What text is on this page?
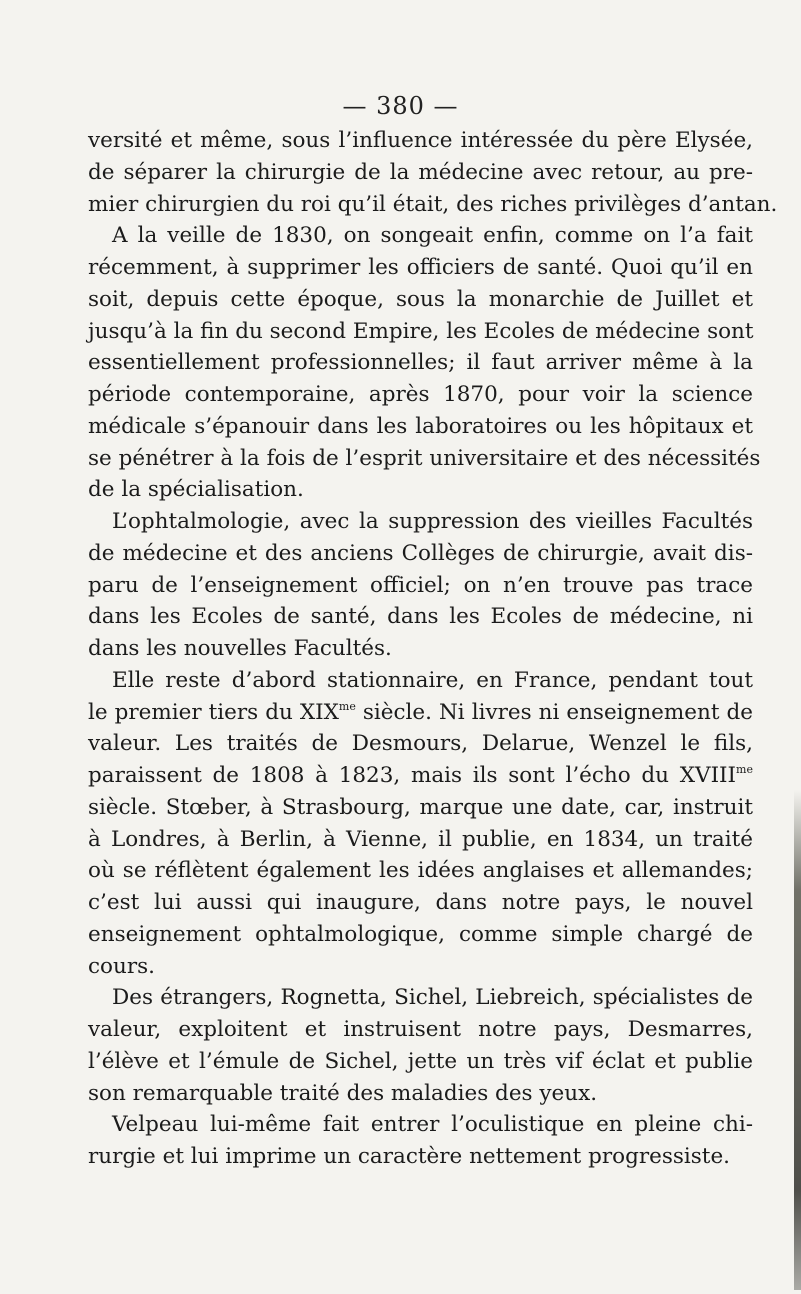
— 380 —
versité et même, sous l’influence intéressée du père Elysée,
de séparer la chirurgie de la médecine avec retour, au pre-
mier chirurgien du roi qu’il était, des riches privilèges d’antan.
A la veille de 1830, on songeait enfin, comme on l’a fait
récemment, à supprimer les officiers de santé. Quoi qu’il en
soit, depuis cette époque, sous la monarchie de Juillet et
jusqu’à la fin du second Empire, les Ecoles de médecine sont
essentiellement professionnelles; il faut arriver même à la
période contemporaine, après 1870, pour voir la science
médicale s’épanouir dans les laboratoires ou les hôpitaux et
se pénétrer à la fois de l’esprit universitaire et des nécessités
de la spécialisation.
L’ophtalmologie, avec la suppression des vieilles Facultés
de médecine et des anciens Collèges de chirurgie, avait dis-
paru de l’enseignement officiel; on n’en trouve pas trace
dans les Ecoles de santé, dans les Ecoles de médecine, ni
dans les nouvelles Facultés.
Elle reste d’abord stationnaire, en France, pendant tout
le premier tiers du $XIX^{me}$ siècle. Ni livres ni enseignement de
valeur. Les traités de Desmours, Delarue, Wenzel le fils,
paraissent de 1808 à 1823, mais ils sont l’écho du $XVIII^{me}$
siècle. Stœber, à Strasbourg, marque une date, car, instruit
à Londres, à Berlin, à Vienne, il publie, en 1834, un traité
où se réflètent également les idées anglaises et allemandes;
c’est lui aussi qui inaugure, dans notre pays, le nouvel
enseignement ophtalmologique, comme simple chargé de
cours.
Des étrangers, Rognetta, Sichel, Liebreich, spécialistes de
valeur, exploitent et instruisent notre pays, Desmarres,
l’élève et l’émule de Sichel, jette un très vif éclat et publie
son remarquable traité des maladies des yeux.
Velpeau lui-même fait entrer l’oculistique en pleine chi-
rurgie et lui imprime un caractère nettement progressiste.
